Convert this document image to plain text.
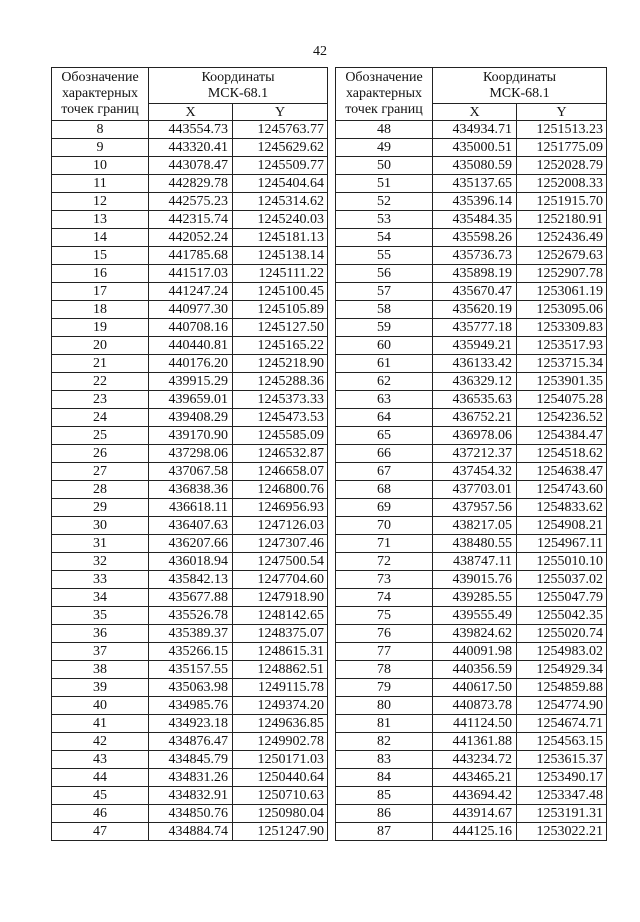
42
Обозначение характерных точек границ	Координаты МСК-68.1	
	X	Y
8	443554.73	1245763.77
9	443320.41	1245629.62
10	443078.47	1245509.77
11	442829.78	1245404.64
12	442575.23	1245314.62
13	442315.74	1245240.03
14	442052.24	1245181.13
15	441785.68	1245138.14
16	441517.03	1245111.22
17	441247.24	1245100.45
18	440977.30	1245105.89
19	440708.16	1245127.50
20	440440.81	1245165.22
21	440176.20	1245218.90
22	439915.29	1245288.36
23	439659.01	1245373.33
24	439408.29	1245473.53
25	439170.90	1245585.09
26	437298.06	1246532.87
27	437067.58	1246658.07
28	436838.36	1246800.76
29	436618.11	1246956.93
30	436407.63	1247126.03
31	436207.66	1247307.46
32	436018.94	1247500.54
33	435842.13	1247704.60
34	435677.88	1247918.90
35	435526.78	1248142.65
36	435389.37	1248375.07
37	435266.15	1248615.31
38	435157.55	1248862.51
39	435063.98	1249115.78
40	434985.76	1249374.20
41	434923.18	1249636.85
42	434876.47	1249902.78
43	434845.79	1250171.03
44	434831.26	1250440.64
45	434832.91	1250710.63
46	434850.76	1250980.04
47	434884.74	1251247.90
Обозначение характерных точек границ	Координаты МСК-68.1	
	X	Y
48	434934.71	1251513.23
49	435000.51	1251775.09
50	435080.59	1252028.79
51	435137.65	1252008.33
52	435396.14	1251915.70
53	435484.35	1252180.91
54	435598.26	1252436.49
55	435736.73	1252679.63
56	435898.19	1252907.78
57	435670.47	1253061.19
58	435620.19	1253095.06
59	435777.18	1253309.83
60	435949.21	1253517.93
61	436133.42	1253715.34
62	436329.12	1253901.35
63	436535.63	1254075.28
64	436752.21	1254236.52
65	436978.06	1254384.47
66	437212.37	1254518.62
67	437454.32	1254638.47
68	437703.01	1254743.60
69	437957.56	1254833.62
70	438217.05	1254908.21
71	438480.55	1254967.11
72	438747.11	1255010.10
73	439015.76	1255037.02
74	439285.55	1255047.79
75	439555.49	1255042.35
76	439824.62	1255020.74
77	440091.98	1254983.02
78	440356.59	1254929.34
79	440617.50	1254859.88
80	440873.78	1254774.90
81	441124.50	1254674.71
82	441361.88	1254563.15
83	443234.72	1253615.37
84	443465.21	1253490.17
85	443694.42	1253347.48
86	443914.67	1253191.31
87	444125.16	1253022.21
